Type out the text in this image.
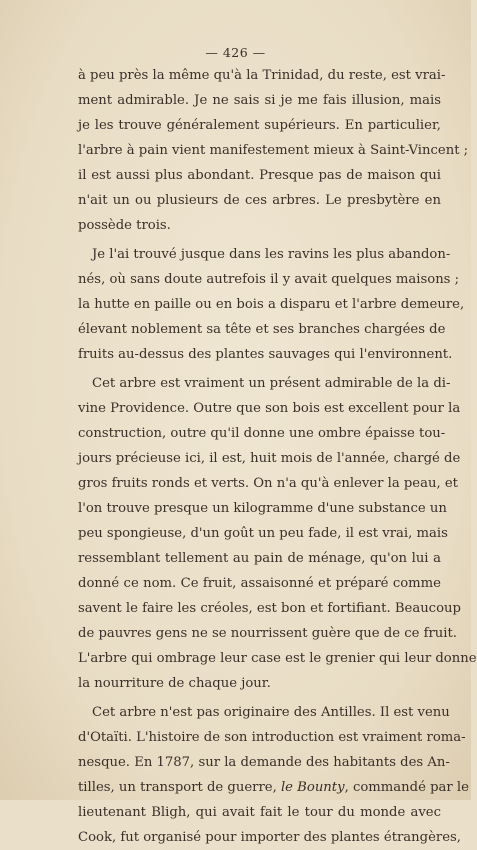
— 426 —
à peu près la même qu'à la Trinidad, du reste, est vrai-
ment admirable. Je ne sais si je me fais illusion, mais
je les trouve généralement supérieurs. En particulier,
l'arbre à pain vient manifestement mieux à Saint-Vincent ;
il est aussi plus abondant. Presque pas de maison qui
n'ait un ou plusieurs de ces arbres. Le presbytère en
possède trois.
Je l'ai trouvé jusque dans les ravins les plus abandon-
nés, où sans doute autrefois il y avait quelques maisons ;
la hutte en paille ou en bois a disparu et l'arbre demeure,
élevant noblement sa tête et ses branches chargées de
fruits au-dessus des plantes sauvages qui l'environnent.
Cet arbre est vraiment un présent admirable de la di-
vine Providence. Outre que son bois est excellent pour la
construction, outre qu'il donne une ombre épaisse tou-
jours précieuse ici, il est, huit mois de l'année, chargé de
gros fruits ronds et verts. On n'a qu'à enlever la peau, et
l'on trouve presque un kilogramme d'une substance un
peu spongieuse, d'un goût un peu fade, il est vrai, mais
ressemblant tellement au pain de ménage, qu'on lui a
donné ce nom. Ce fruit, assaisonné et préparé comme
savent le faire les créoles, est bon et fortifiant. Beaucoup
de pauvres gens ne se nourrissent guère que de ce fruit.
L'arbre qui ombrage leur case est le grenier qui leur donne
la nourriture de chaque jour.
Cet arbre n'est pas originaire des Antilles. Il est venu
d'Otaïti. L'histoire de son introduction est vraiment roma-
nesque. En 1787, sur la demande des habitants des An-
tilles, un transport de guerre, le Bounty, commandé par le
lieutenant Bligh, qui avait fait le tour du monde avec
Cook, fut organisé pour importer des plantes étrangères,
